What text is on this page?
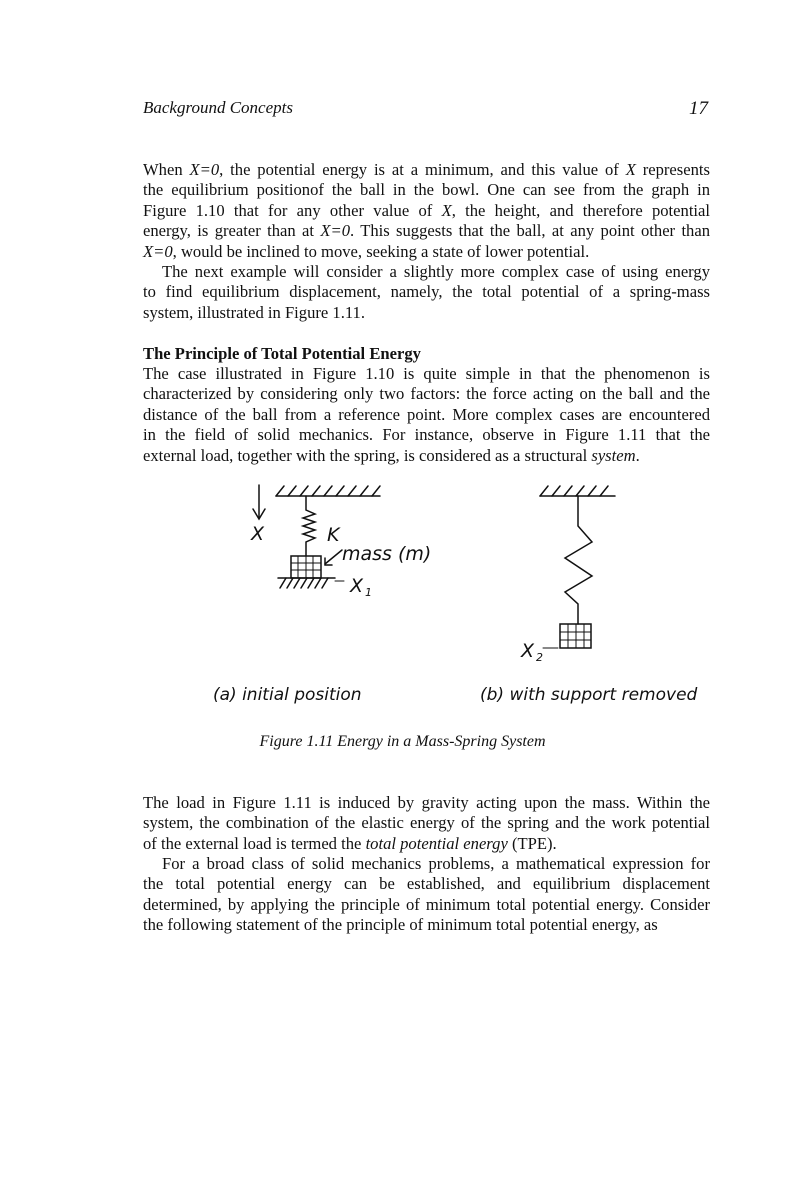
Background Concepts	17
When X=0, the potential energy is at a minimum, and this value of X represents
the equilibrium positionof the ball in the bowl. One can see from the graph in
Figure 1.10 that for any other value of X, the height, and therefore potential
energy, is greater than at X=0. This suggests that the ball, at any point other than
X=0, would be inclined to move, seeking a state of lower potential.
The next example will consider a slightly more complex case of using energy
to find equilibrium displacement, namely, the total potential of a spring-mass
system, illustrated in Figure 1.11.
The Principle of Total Potential Energy
The case illustrated in Figure 1.10 is quite simple in that the phenomenon is
characterized by considering only two factors: the force acting on the ball and the
distance of the ball from a reference point. More complex cases are encountered
in the field of solid mechanics. For instance, observe in Figure 1.11 that the
external load, together with the spring, is considered as a structural system.
X	K
mass (m)
X 1
X 2
(a) initial position	(b) with support removed
Figure 1.11 Energy in a Mass-Spring System
The load in Figure 1.11 is induced by gravity acting upon the mass. Within the
system, the combination of the elastic energy of the spring and the work potential
of the external load is termed the total potential energy (TPE).
For a broad class of solid mechanics problems, a mathematical expression for
the total potential energy can be established, and equilibrium displacement
determined, by applying the principle of minimum total potential energy. Consider
the following statement of the principle of minimum total potential energy, as
